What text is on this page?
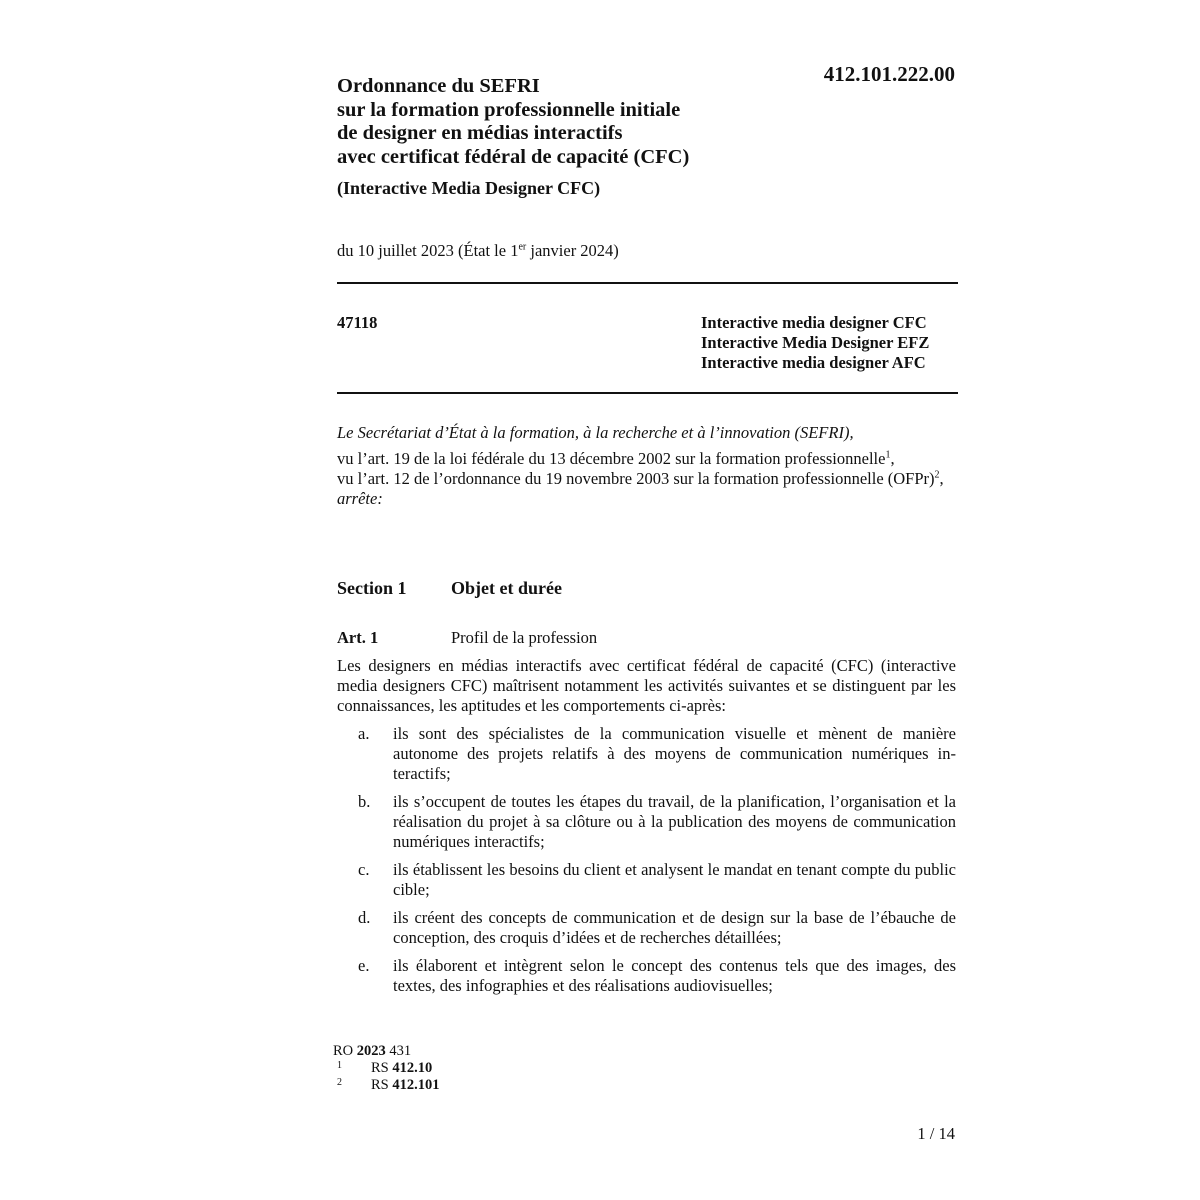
Ordonnance du SEFRI
sur la formation professionnelle initiale
de designer en médias interactifs
avec certificat fédéral de capacité (CFC)
(Interactive Media Designer CFC)
412.101.222.00
du 10 juillet 2023 (État le 1er janvier 2024)
47118	Interactive media designer CFC
Interactive Media Designer EFZ
Interactive media designer AFC

Le Secrétariat d’État à la formation, à la recherche et à l’innovation (SEFRI),

vu l’art. 19 de la loi fédérale du 13 décembre 2002 sur la formation professionnelle$^1$,

vu l’art. 12 de l’ordonnance du 19 novembre 2003 sur la formation professionnelle (OFPr)$^2$,

arrête:

Section 1 Objet et durée
Art. 1	Profil de la profession

Les designers en médias interactifs avec certificat fédéral de capacité (CFC) (interactive media designers CFC) maîtrisent notamment les activités suivantes et se distinguent par les connaissances, les aptitudes et les comportements ci-après:

a. ils sont des spécialistes de la communication visuelle et mènent de manière autonome des projets relatifs à des moyens de communication numériques interactifs;
b. ils s’occupent de toutes les étapes du travail, de la planification, l’organisation et la réalisation du projet à sa clôture ou à la publication des moyens de communication numériques interactifs;
c. ils établissent les besoins du client et analysent le mandat en tenant compte du public cible;
d. ils créent des concepts de communication et de design sur la base de l’ébauche de conception, des croquis d’idées et de recherches détaillées;
e. ils élaborent et intègrent selon le concept des contenus tels que des images, des textes, des infographies et des réalisations audiovisuelles;
RO 2023 431
1 RS 412.10
2 RS 412.101
1 / 14
